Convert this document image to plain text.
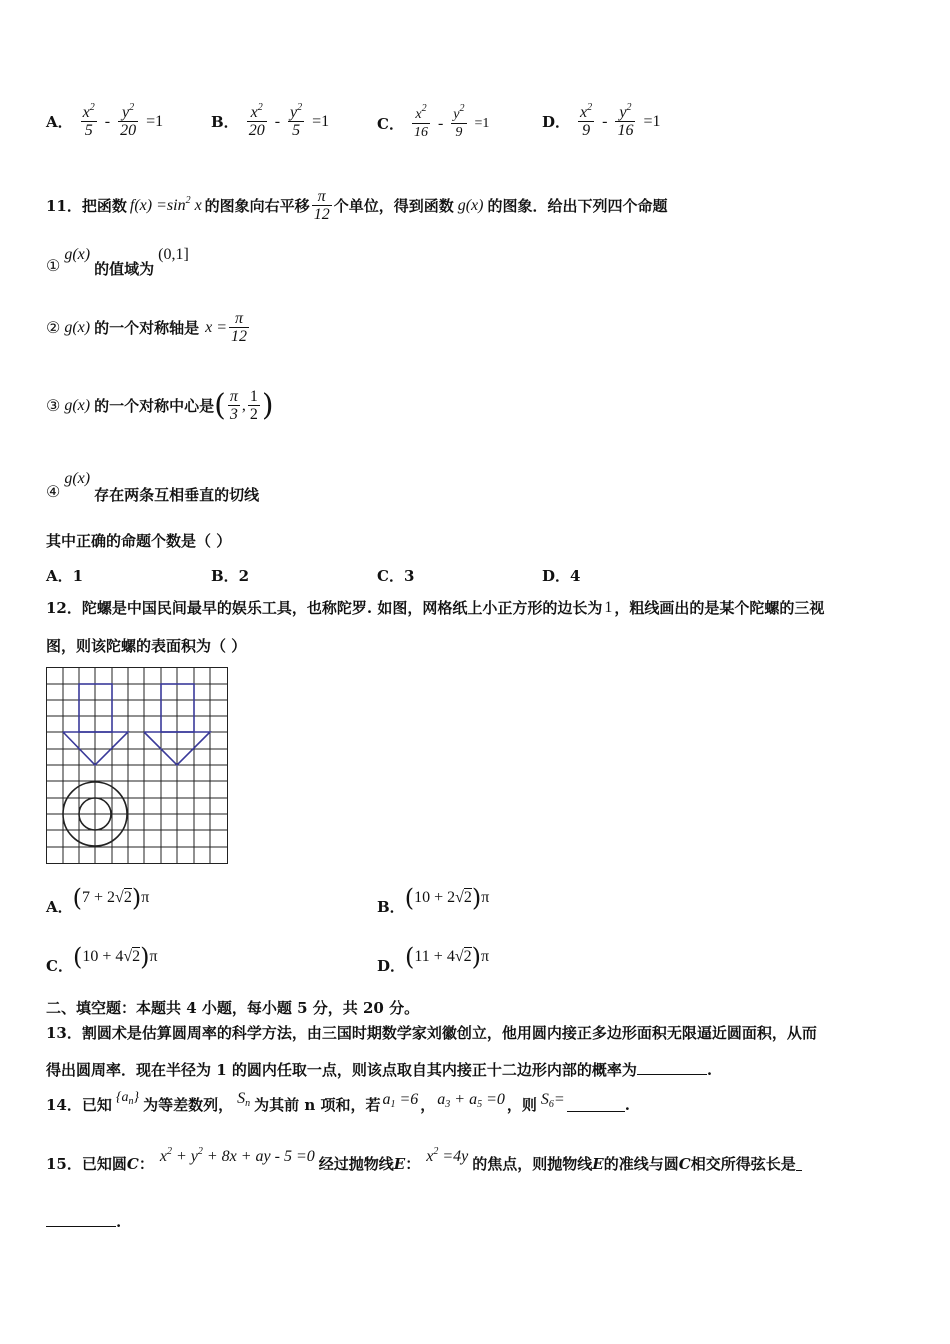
A． $\frac{x^2}{5} - \frac{y^2}{20} =1$	B． $\frac{x^2}{20} - \frac{y^2}{5} =1$	C． $\frac{x^2}{16} - \frac{y^2}{9} =1$	D． $\frac{x^2}{9} - \frac{y^2}{16} =1$
11． 把函数 $f(x) =\sin^2$ x 的图象向右平移 $\frac{\pi}{12}$ 个单位，得到函数 g(x) 的图象．给出下列四个命题
①
g(x)
的值域为
(0,1]
② g(x) 的一个对称轴是 $x = \frac{\pi}{12}$
③ g(x) 的一个对称中心是 ( $\frac{\pi}{3}$ , $\frac{1}{2}$ )
④
g(x)
存在两条互相垂直的切线
其中正确的命题个数是（ ）
A．1	B．2	C．3	D．4
12．陀螺是中国民间最早的娱乐工具，也称陀罗. 如图，网格纸上小正方形的边长为 1 ，粗线画出的是某个陀螺的三视
图，则该陀螺的表面积为（ ）
A． ( 7 + 2 √2 ) π
B． ( 10 + 2 √2 ) π
C． ( 10 + 4 √2 ) π
D． ( 11 + 4 √2 ) π
二、填空题：本题共 4 小题，每小题 5 分，共 20 分。
13．割圆术是估算圆周率的科学方法，由三国时期数学家刘徽创立，他用圆内接正多边形面积无限逼近圆面积，从而
得出圆周率．现在半径为 1 的圆内任取一点，则该点取自其内接正十二边形内部的概率为	.
14．已知 $\{a_n\}$ 为等差数列， $S_n$ 为其前 n 项和，若 $a_1 =6$ ， $a_3 + a_5 =0$ ，则 $S_6=$	.
15．已知圆 C ： $x^2 + y^2 + 8x$ + ay - 5 =0 经过抛物线 E ： $x^2 =4y$ 的焦点，则抛物线 E 的准线与圆 C 相交所得弦长是
.
